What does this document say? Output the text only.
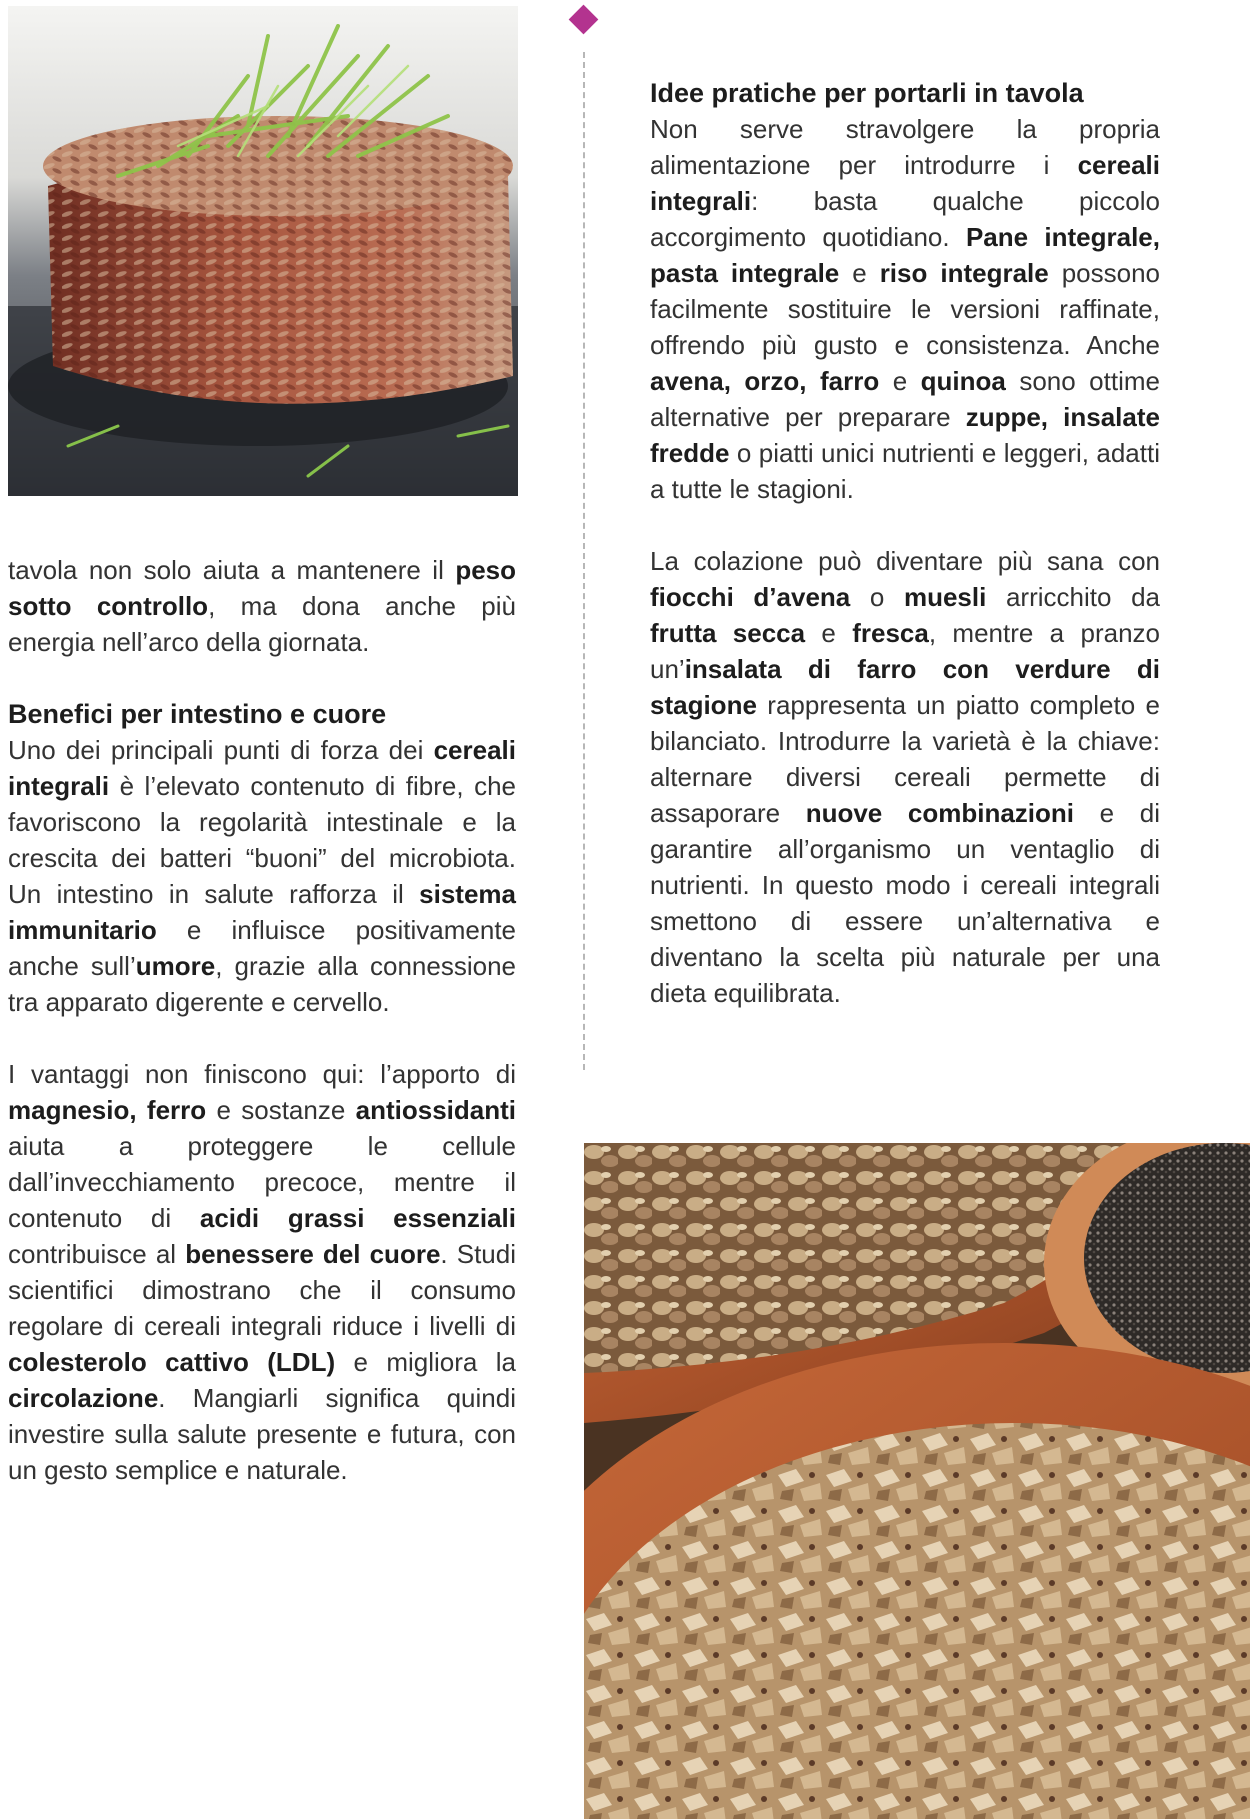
tavola non solo aiuta a mantenere il peso sotto controllo, ma dona anche più energia nell’arco della giornata.

Benefici per intestino e cuore

Uno dei principali punti di forza dei cereali integrali è l’elevato contenuto di fibre, che favoriscono la regolarità intestinale e la crescita dei batteri “buoni” del microbiota. Un intestino in salute rafforza il sistema immunitario e influisce positivamente anche sull’umore, grazie alla connessione tra apparato digerente e cervello.

I vantaggi non finiscono qui: l’apporto di magnesio, ferro e sostanze antiossidanti aiuta a proteggere le cellule dall’invecchiamento precoce, mentre il contenuto di acidi grassi essenziali contribuisce al benessere del cuore. Studi scientifici dimostrano che il consumo regolare di cereali integrali riduce i livelli di colesterolo cattivo (LDL) e migliora la circolazione. Mangiarli significa quindi investire sulla salute presente e futura, con un gesto semplice e naturale.

Idee pratiche per portarli in tavola

Non serve stravolgere la propria alimentazione per introdurre i cereali integrali: basta qualche piccolo accorgimento quotidiano. Pane integrale, pasta integrale e riso integrale possono facilmente sostituire le versioni raffinate, offrendo più gusto e consistenza. Anche avena, orzo, farro e quinoa sono ottime alternative per preparare zuppe, insalate fredde o piatti unici nutrienti e leggeri, adatti a tutte le stagioni.

La colazione può diventare più sana con fiocchi d’avena o muesli arricchito da frutta secca e fresca, mentre a pranzo un’insalata di farro con verdure di stagione rappresenta un piatto completo e bilanciato. Introdurre la varietà è la chiave: alternare diversi cereali permette di assaporare nuove combinazioni e di garantire all’organismo un ventaglio di nutrienti. In questo modo i cereali integrali smettono di essere un’alternativa e diventano la scelta più naturale per una dieta equilibrata.
